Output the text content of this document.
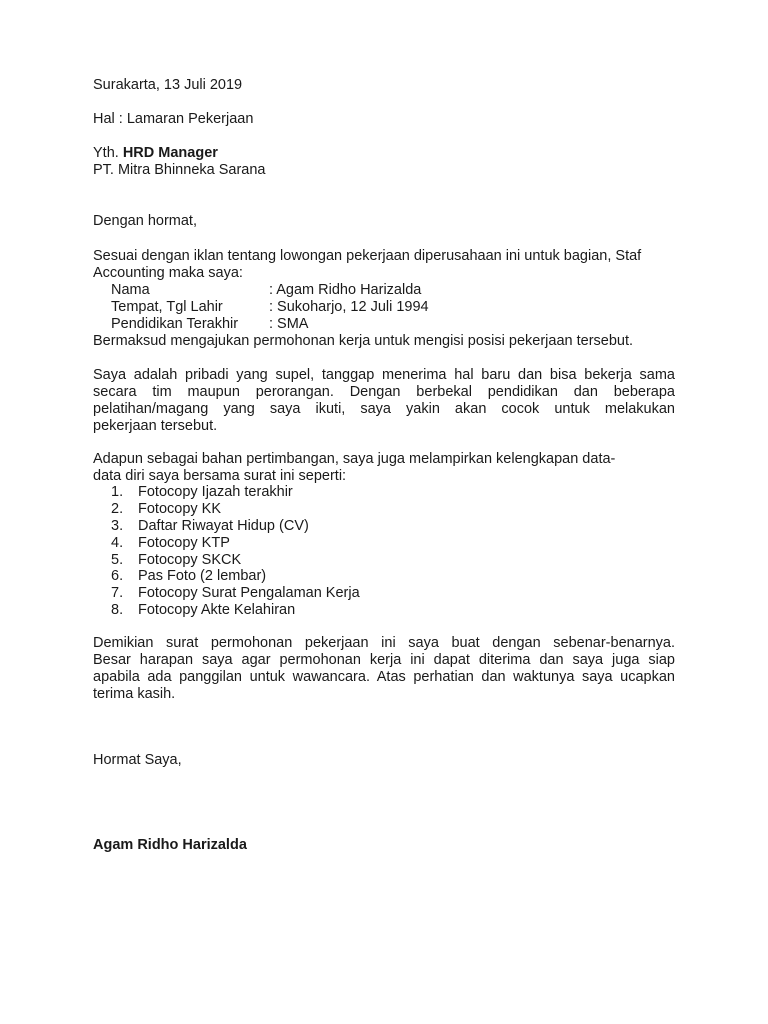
Surakarta, 13 Juli 2019
Hal : Lamaran Pekerjaan
Yth. HRD Manager
PT. Mitra Bhinneka Sarana
Dengan hormat,
Sesuai dengan iklan tentang lowongan pekerjaan diperusahaan ini untuk bagian, Staf
Accounting maka saya:
Nama	: Agam Ridho Harizalda
Tempat, Tgl Lahir	: Sukoharjo, 12 Juli 1994
Pendidikan Terakhir : SMA
Bermaksud mengajukan permohonan kerja untuk mengisi posisi pekerjaan tersebut.
Saya adalah pribadi yang supel, tanggap menerima hal baru dan bisa bekerja sama
secara tim maupun perorangan. Dengan berbekal pendidikan dan beberapa
pelatihan/magang yang saya ikuti, saya yakin akan cocok untuk melakukan
pekerjaan tersebut.
Adapun sebagai bahan pertimbangan, saya juga melampirkan kelengkapan data-
data diri saya bersama surat ini seperti:
1. Fotocopy Ijazah terakhir
2. Fotocopy KK
3. Daftar Riwayat Hidup (CV)
4. Fotocopy KTP
5. Fotocopy SKCK
6. Pas Foto (2 lembar)
7. Fotocopy Surat Pengalaman Kerja
8. Fotocopy Akte Kelahiran
Demikian surat permohonan pekerjaan ini saya buat dengan sebenar-benarnya.
Besar harapan saya agar permohonan kerja ini dapat diterima dan saya juga siap
apabila ada panggilan untuk wawancara. Atas perhatian dan waktunya saya ucapkan
terima kasih.
Hormat Saya,
Agam Ridho Harizalda
